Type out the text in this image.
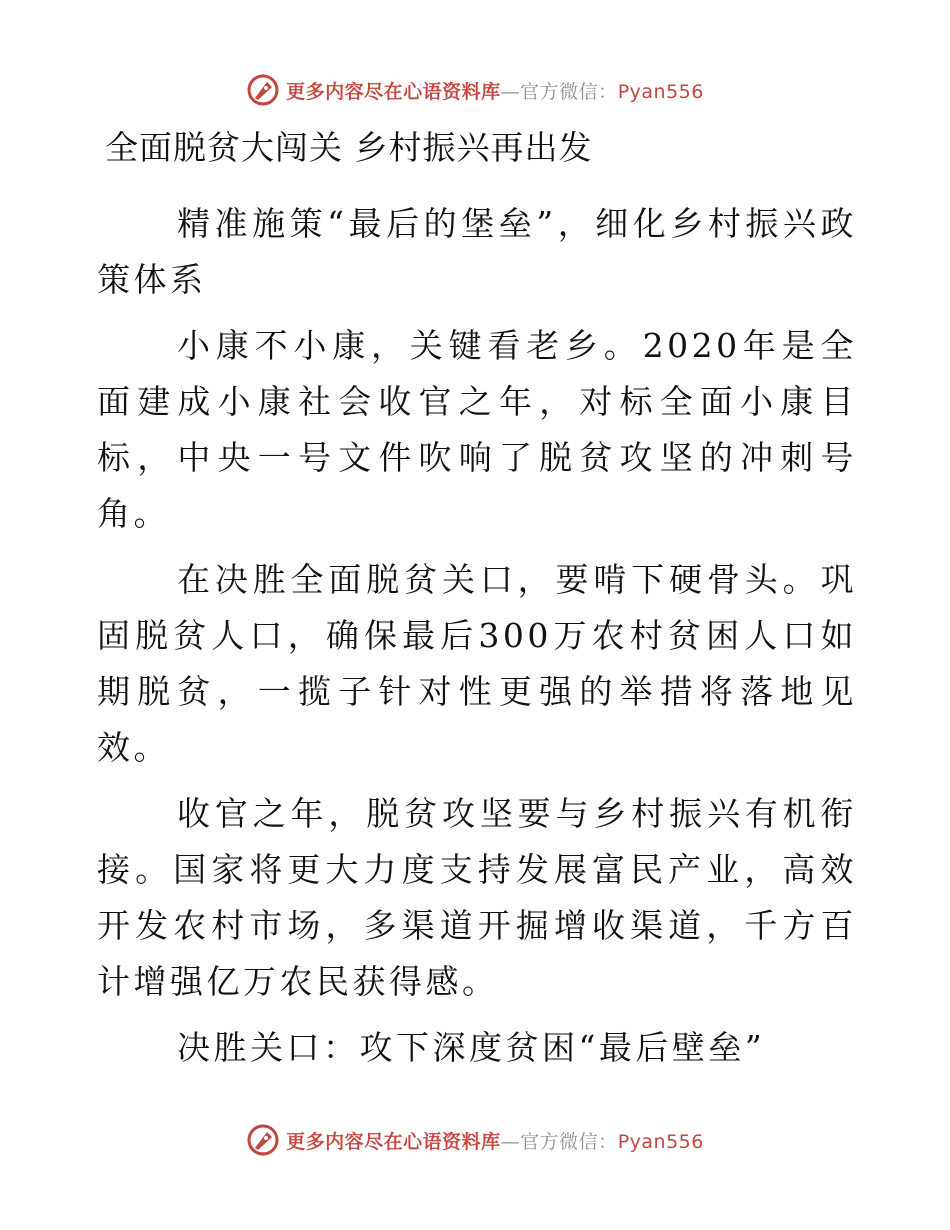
更多内容尽在心语资料库—官方微信：Pyan556
全面脱贫大闯关 乡村振兴再出发

精准施策“最后的堡垒”，细化乡村振兴政策体系

小康不小康，关键看老乡。2020年是全面建成小康社会收官之年，对标全面小康目标，中央一号文件吹响了脱贫攻坚的冲刺号角。

在决胜全面脱贫关口，要啃下硬骨头。巩固脱贫人口，确保最后300万农村贫困人口如期脱贫，一揽子针对性更强的举措将落地见效。

收官之年，脱贫攻坚要与乡村振兴有机衔接。国家将更大力度支持发展富民产业，高效开发农村市场，多渠道开掘增收渠道，千方百计增强亿万农民获得感。

决胜关口：攻下深度贫困“最后壁垒”

更多内容尽在心语资料库—官方微信：Pyan556
